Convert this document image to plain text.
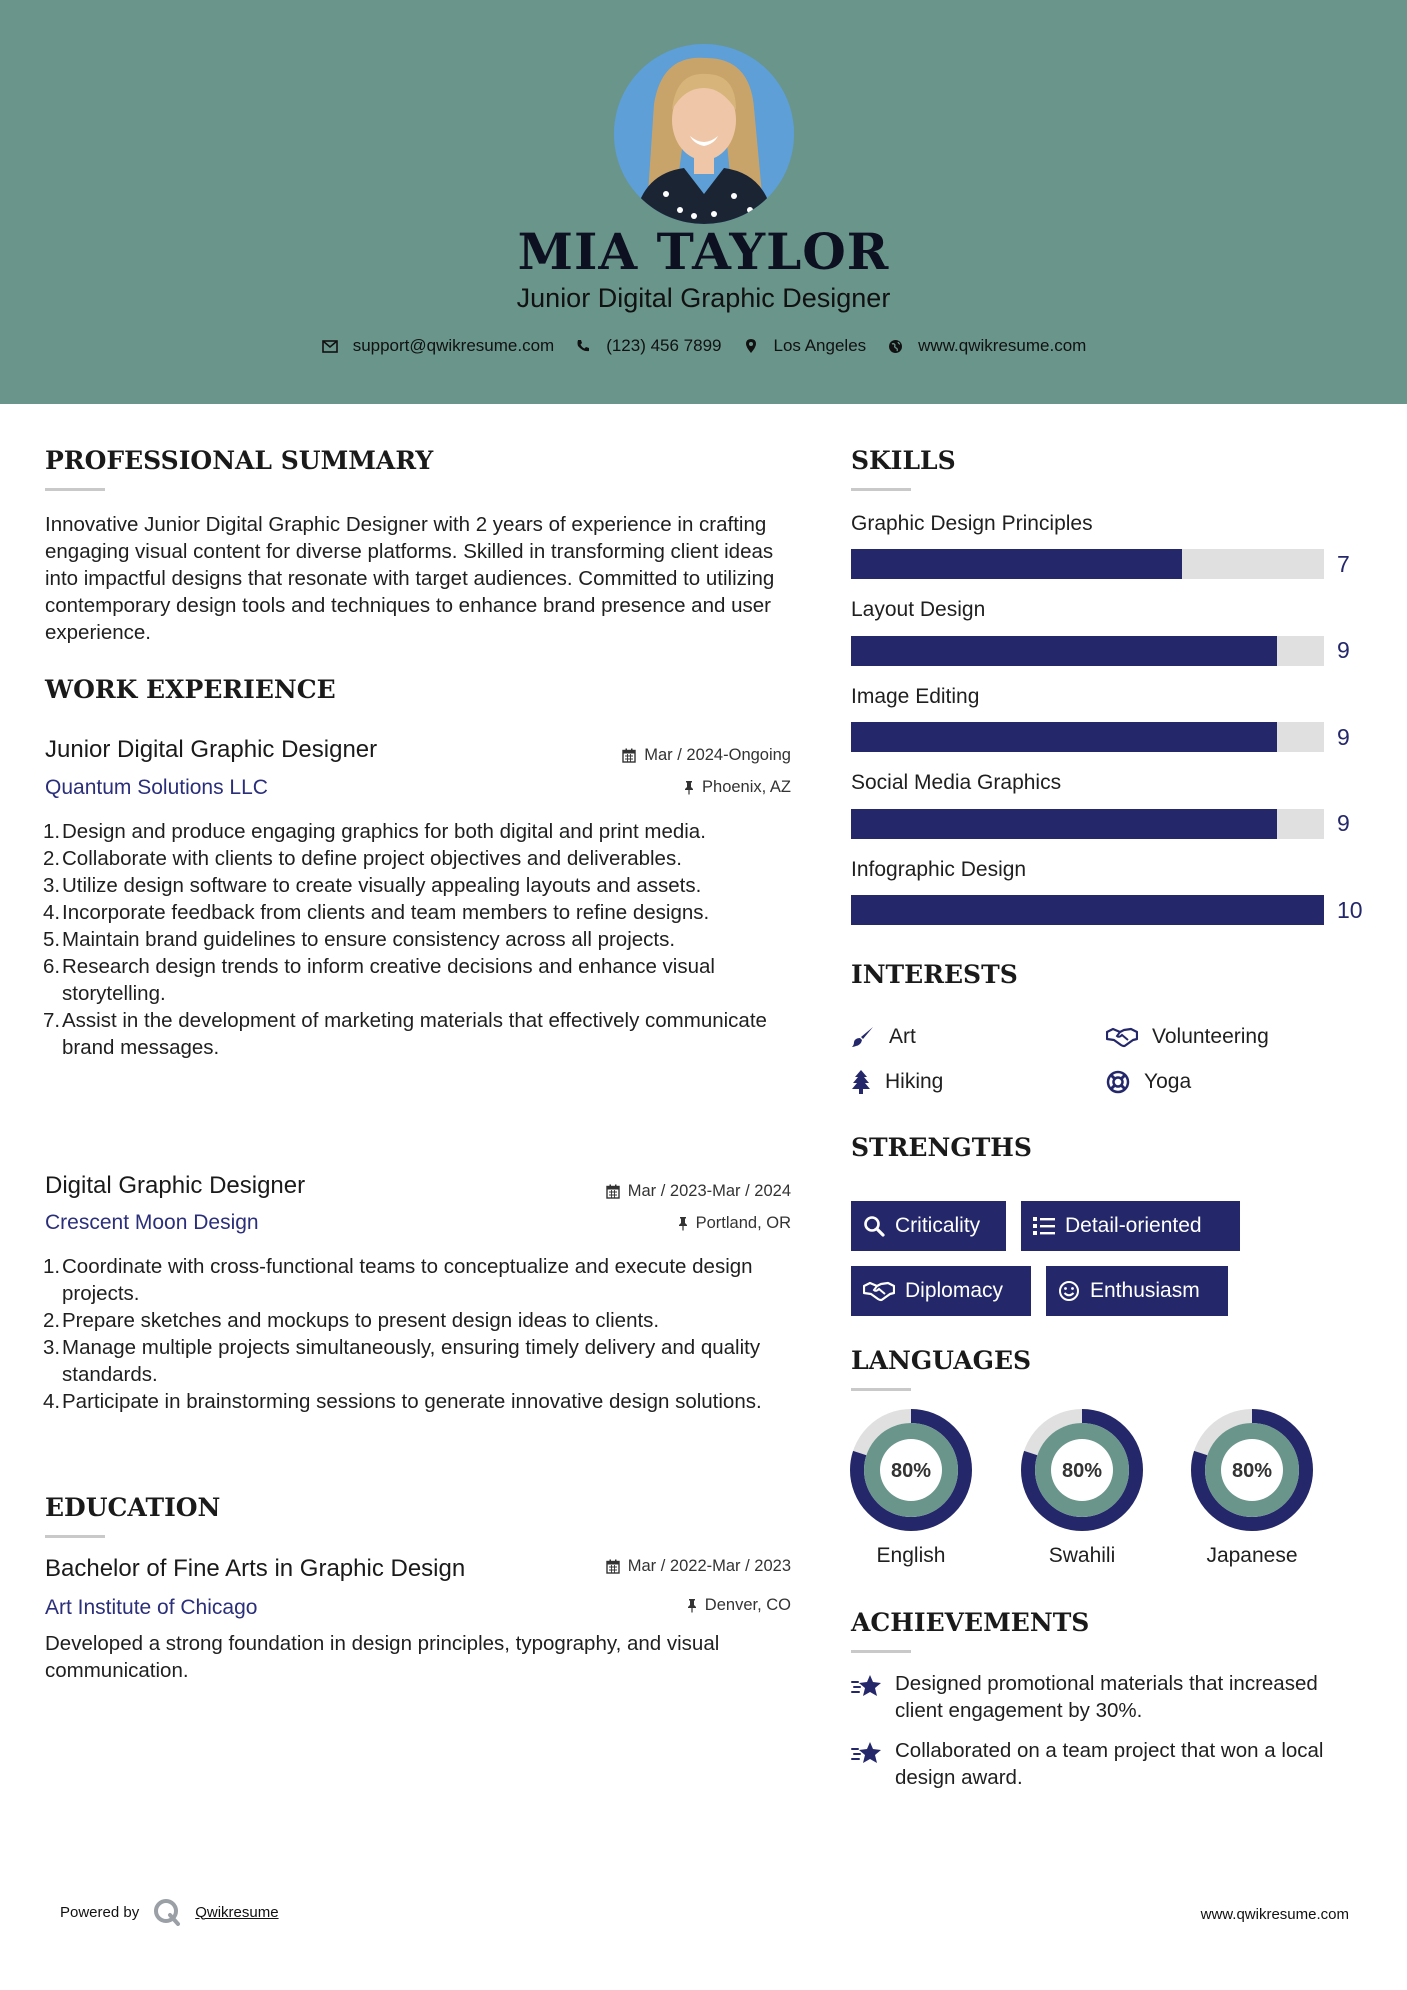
MIA TAYLOR
Junior Digital Graphic Designer
support@qwikresume.com	(123) 456 7899	Los Angeles	www.qwikresume.com
PROFESSIONAL SUMMARY
Innovative Junior Digital Graphic Designer with 2 years of experience in crafting engaging visual content for diverse platforms. Skilled in transforming client ideas into impactful designs that resonate with target audiences. Committed to utilizing contemporary design tools and techniques to enhance brand presence and user experience.
WORK EXPERIENCE
Junior Digital Graphic Designer	Mar / 2024-Ongoing
Quantum Solutions LLC	Phoenix, AZ
1. Design and produce engaging graphics for both digital and print media.
2. Collaborate with clients to define project objectives and deliverables.
3. Utilize design software to create visually appealing layouts and assets.
4. Incorporate feedback from clients and team members to refine designs.
5. Maintain brand guidelines to ensure consistency across all projects.
6. Research design trends to inform creative decisions and enhance visual storytelling.
7. Assist in the development of marketing materials that effectively communicate brand messages.
Digital Graphic Designer	Mar / 2023-Mar / 2024
Crescent Moon Design	Portland, OR
1. Coordinate with cross-functional teams to conceptualize and execute design projects.
2. Prepare sketches and mockups to present design ideas to clients.
3. Manage multiple projects simultaneously, ensuring timely delivery and quality standards.
4. Participate in brainstorming sessions to generate innovative design solutions.
EDUCATION
Bachelor of Fine Arts in Graphic Design	Mar / 2022-Mar / 2023
Art Institute of Chicago	Denver, CO
Developed a strong foundation in design principles, typography, and visual communication.
SKILLS
Graphic Design Principles
7
Layout Design
9
Image Editing
9
Social Media Graphics
9
Infographic Design
10
INTERESTS
Art	Volunteering
Hiking	Yoga
STRENGTHS
Criticality	Detail-oriented
Diplomacy	Enthusiasm
LANGUAGES
80%
English
80%
Swahili
80%
Japanese
ACHIEVEMENTS
Designed promotional materials that increased client engagement by 30%.
Collaborated on a team project that won a local design award.
Powered by	Qwikresume	www.qwikresume.com
